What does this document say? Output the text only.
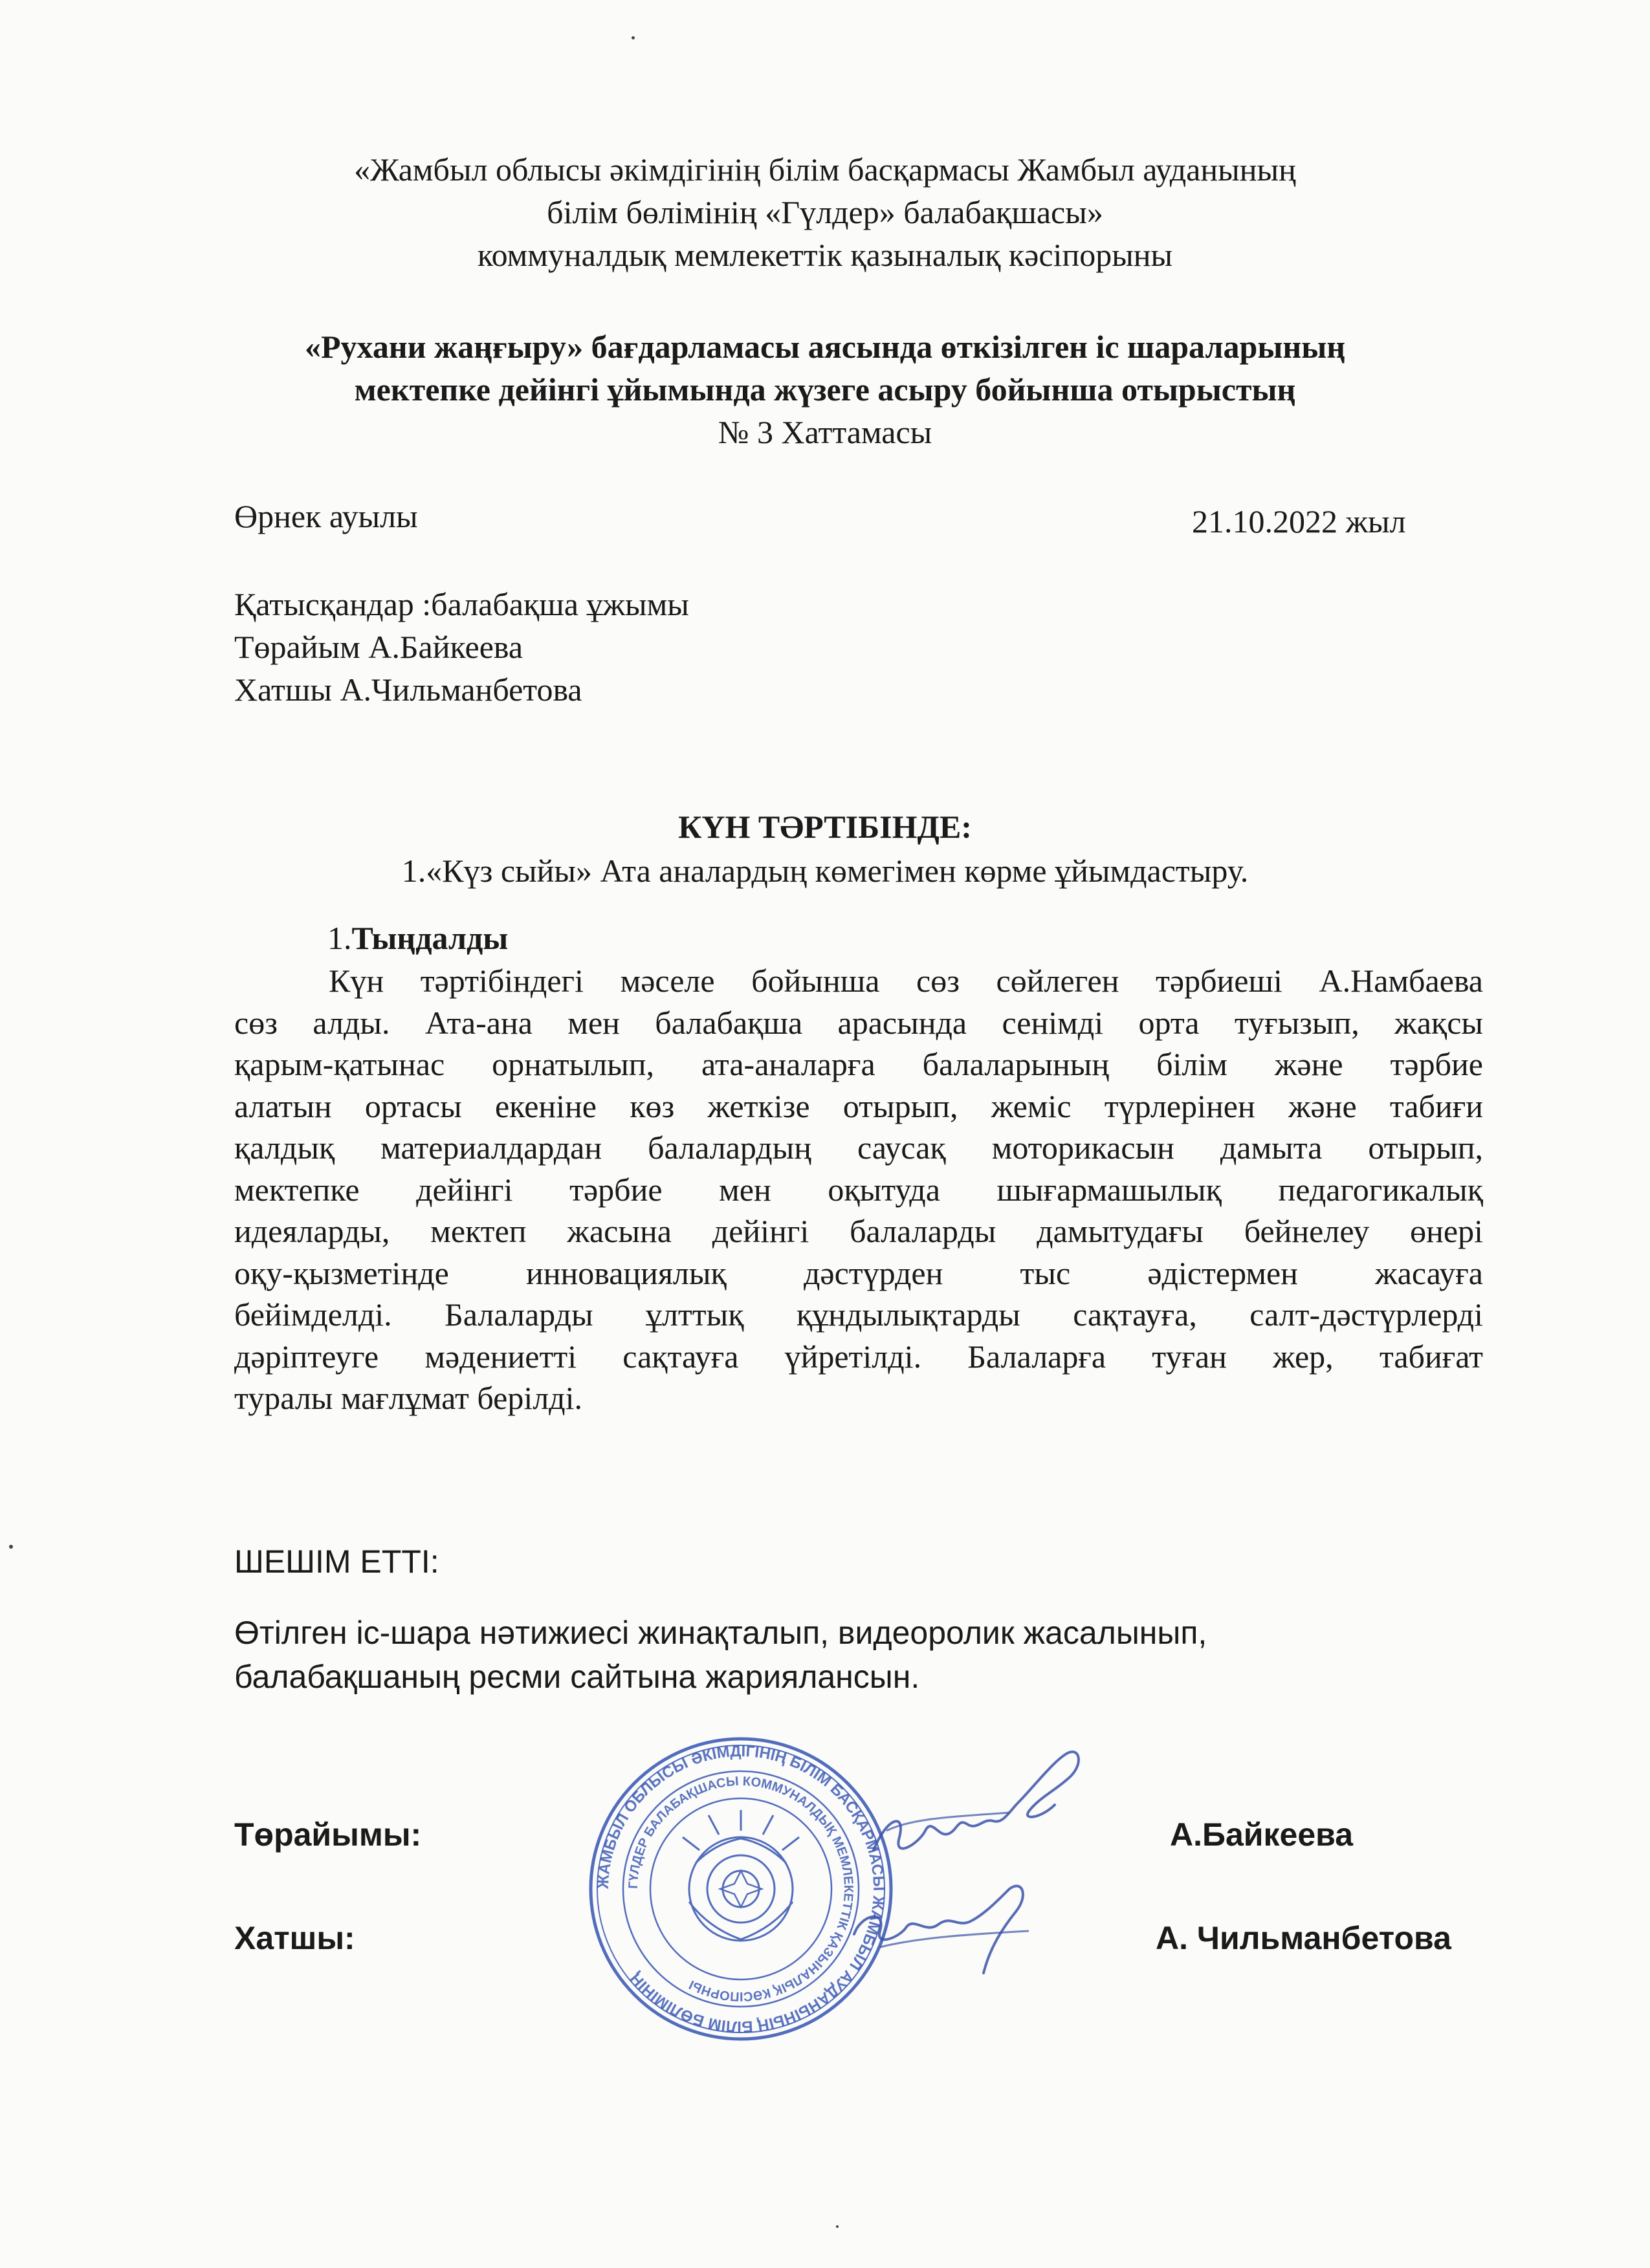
«Жамбыл облысы әкімдігінің білім басқармасы Жамбыл ауданының
білім бөлімінің «Гүлдер» балабақшасы»
коммуналдық мемлекеттік қазыналық кәсіпорыны
«Рухани жаңғыру» бағдарламасы аясында өткізілген іс шараларының
мектепке дейінгі ұйымында жүзеге асыру бойынша отырыстың
№ 3 Хаттамасы
Өрнек ауылы	21.10.2022 жыл
Қатысқандар :балабақша ұжымы
Төрайым А.Байкеева
Хатшы А.Чильманбетова
КҮН ТӘРТІБІНДЕ:
1.«Күз сыйы» Ата аналардың көмегімен көрме ұйымдастыру.
1.Тыңдалды
Күн тәртібіндегі мәселе бойынша сөз сөйлеген тәрбиеші А.Намбаева
сөз алды. Ата-ана мен балабақша арасында сенімді орта туғызып, жақсы
қарым-қатынас орнатылып, ата-аналарға балаларының білім және тәрбие
алатын ортасы екеніне көз жеткізе отырып, жеміс түрлерінен және табиғи
қалдық материалдардан балалардың саусақ моторикасын дамыта отырып,
мектепке дейінгі тәрбие мен оқытуда шығармашылық педагогикалық
идеяларды, мектеп жасына дейінгі балаларды дамытудағы бейнелеу өнері
оқу-қызметінде инновациялық дәстүрден тыс әдістермен жасауға
бейімделді. Балаларды ұлттық құндылықтарды сақтауға, салт-дәстүрлерді
дәріптеуге мәдениетті сақтауға үйретілді. Балаларға туған жер, табиғат
туралы мағлұмат берілді.
ШЕШІМ ЕТТІ:
Өтілген іс-шара нәтижиесі жинақталып, видеоролик жасалынып,
балабақшаның ресми сайтына жариялансын.
ЖАМБЫЛ ОБЛЫСЫ ӘКІМДІГІНІҢ БІЛІМ БАСҚАРМАСЫ ЖАМБЫЛ АУДАНЫНЫҢ БІЛІМ БӨЛІМІНІҢ
ГҮЛДЕР БАЛАБАҚШАСЫ КОММУНАЛДЫҚ МЕМЛЕКЕТТІК ҚАЗЫНАЛЫҚ КӘСІПОРНЫ
Төрайымы:	А.Байкеева
Хатшы:	А. Чильманбетова
